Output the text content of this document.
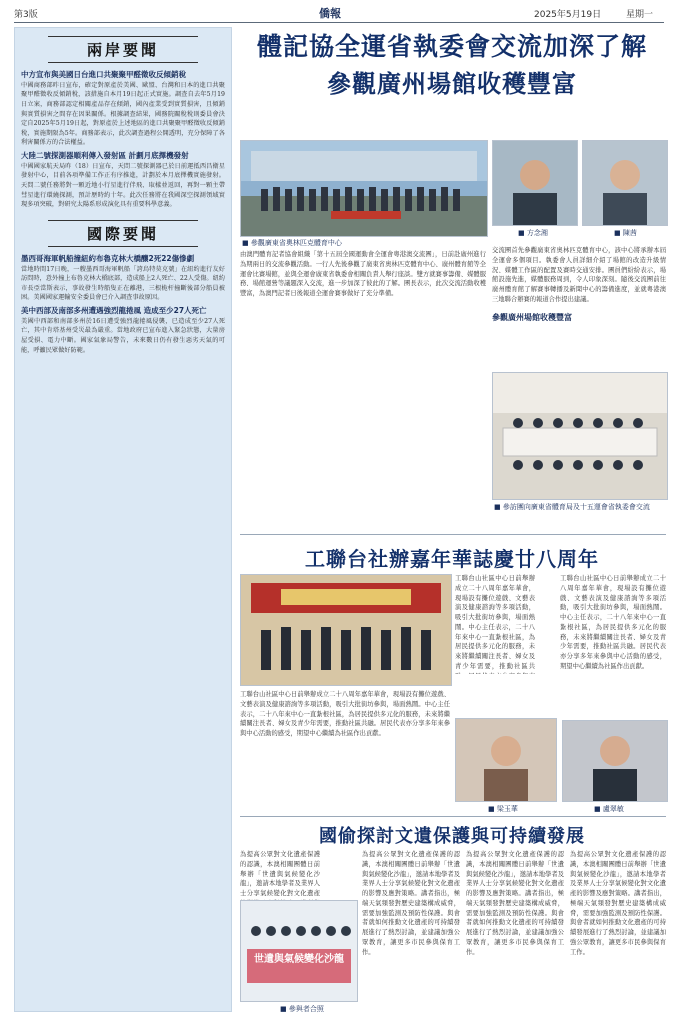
第3版	僑報	2025年5月19日	星期一
兩岸要聞
中方宣布與美國日台進口共聚聚甲醛徵收反傾銷稅
中國商務部昨日宣布，確定對原產於美國、歐盟、台灣和日本的進口共聚聚甲醛徵收反傾銷稅，該措施自本月19日起正式實施。調查自去年5月19日立案，商務部認定相關產品存在傾銷，國內產業受到實質損害，且傾銷與實質損害之間存在因果關係。根據調查結果，國務院關稅稅則委員會決定自2025年5月19日起，對原產於上述地區的進口共聚聚甲醛徵收反傾銷稅，實施期限為5年。商務部表示，此次調查過程公開透明，充分保障了各利害關係方的合法權益。
大陸二號探測器順利傳入發射區 計劃月底擇機發射
中國國家航天局昨（18）日宣布，天問二號探測器已於日前運抵西昌衛星發射中心，目前各項準備工作正有序推進，計劃於本月底擇機實施發射。天問二號任務將對一顆近地小行星進行伴飛、取樣並返回，再對一顆主帶彗星進行環繞探測，預計歷時約十年。此次任務將在我國深空探測領域實現多項突破，對研究太陽系形成演化具有重要科學意義。
國際要聞
墨西哥海軍帆船撞紐約布魯克林大橋釀2死22傷慘劇
當地時間17日晚，一艘墨西哥海軍帆船「誇烏特莫克號」在紐約進行友好訪問時，意外撞上布魯克林大橋底部，造成船上2人死亡、22人受傷。紐約市長亞當斯表示，事故發生時船隻正在離港，三根桅杆撞斷後部分船員被困。美國國家運輸安全委員會已介入調查事故原因。
美中西部及南部多州遭遇強烈龍捲風 造成至少27人死亡
美國中西部和南部多州於16日遭受強烈龍捲風侵襲，已造成至少27人死亡，其中肯塔基州受災最為嚴重。當地政府已宣布進入緊急狀態，大量房屋受損、電力中斷。國家氣象局警告，未來數日仍有發生惡劣天氣的可能，呼籲民眾做好防範。
體記協全運省執委會交流加深了解
參觀廣州場館收穫豐富
■ 參觀廣東省奧林匹克體育中心
■ 方念湘	■ 陳茜
由澳門體育記者協會組織「第十五屆全國運動會全運會粵港澳交流團」，日前赴廣州進行為期兩日的交流參觀活動。一行人先後參觀了廣東省奧林匹克體育中心、廣州體育館等全運會比賽場館，並與全運會廣東省執委會相關負責人舉行座談。雙方就賽事籌備、媒體服務、場館運營等議題深入交流，進一步加深了彼此的了解。團長表示，此次交流活動收穫豐富，為澳門記者日後報道全運會賽事做好了充分準備。
交流團首先參觀廣東省奧林匹克體育中心，該中心將承辦本屆全運會多個項目。執委會人員詳細介紹了場館的改造升級情況、媒體工作區的配置及賽時交通安排。團員們紛紛表示，場館設施先進，媒體服務周到，令人印象深刻。隨後交流團前往廣州體育館了解賽事轉播及新聞中心的籌備進度，並就粵港澳三地聯合辦賽的報道合作提出建議。
參觀廣州場館收穫豐富
■ 參訪團向廣東省體育局及十五運會省執委會交流
工聯台社辦嘉年華誌慶廿八周年
工聯台山社區中心日前舉辦成立二十八周年嘉年華會，現場設有攤位遊戲、文藝表演及健康諮詢等多項活動，吸引大批街坊參與，場面熱鬧。中心主任表示，二十八年來中心一直紮根社區，為居民提供多元化的服務，未來將繼續關注長者、婦女及青少年需要，推動社區共融。居民代表亦分享多年來參與中心活動的感受，期望中心繼續為社區作出貢獻。
工聯台山社區中心日前舉辦成立二十八周年嘉年華會，現場設有攤位遊戲、文藝表演及健康諮詢等多項活動，吸引大批街坊參與，場面熱鬧。中心主任表示，二十八年來中心一直紮根社區，為居民提供多元化的服務，未來將繼續關注長者、婦女及青少年需要，推動社區共
■ 梁玉華
工聯台山社區中心日前舉辦成立二十八周年嘉年華會，現場設有攤位遊戲、文藝表演及健康諮詢等多項活動，吸引大批街坊參與，場面熱鬧。中心主任表示，二十八年來中心一直紮根社區，為居民提供多元化的服務，未來將繼續關注長者、婦女及青少年需要，推動社區共融。居民代表亦分享多年來參與中心活動的感受，期望中心繼續為社區作出貢獻。
■ 盧翠敏
國偷探討文遺保護與可持續發展
為提高公眾對文化遺產保護的認識，本澳相關團體日前舉辦「世遺與氣候變化沙龍」，邀請本地學者及業界人士分享氣候變化對文化遺產
世遺與氣候變化沙龍
■ 參與者合照
為提高公眾對文化遺產保護的認識，本澳相關團體日前舉辦「世遺與氣候變化沙龍」，邀請本地學者及業界人士分享氣候變化對文化遺產的影響及應對策略。講者指出，極端天氣頻發對歷史建築構成威脅，需要加強監測及預防性保護。與會者就如何推動文化遺產的可持續發展進行了熱烈討論，並建議加強公眾教育，讓更多市民參與保育工作。
為提高公眾對文化遺產保護的認識，本澳相關團體日前舉辦「世遺與氣候變化沙龍」，邀請本地學者及業界人士分享氣候變化對文化遺產的影響及應對策略。講者指出，極端天氣頻發對歷史建築構成威脅，需要加強監測及預防性保護。與會者就如何推動文化遺產的可持續發展進行了熱烈討論，並建議加強公眾教育，讓更多市民參與保育工作。
為提高公眾對文化遺產保護的認識，本澳相關團體日前舉辦「世遺與氣候變化沙龍」，邀請本地學者及業界人士分享氣候變化對文化遺產的影響及應對策略。講者指出，極端天氣頻發對歷史建築構成威脅，需要加強監測及預防性保護。與會者就如何推動文化遺產的可持續發展進行了熱烈討論，並建議加強公眾教育，讓更多市民參與保育工作。
